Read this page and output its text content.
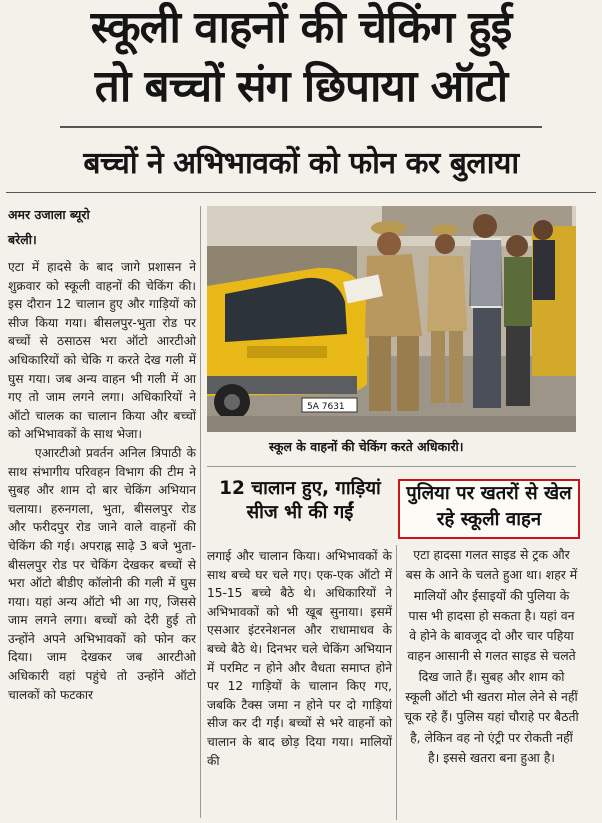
स्कूली वाहनों की चेकिंग हुई
तो बच्चों संग छिपाया ऑटो
बच्चों ने अभिभावकों को फोन कर बुलाया
अमर उजाला ब्यूरो
बरेली।

एटा में हादसे के बाद जागे प्रशासन ने शुक्रवार को स्कूली वाहनों की चेकिंग की। इस दौरान 12 चालान हुए और गाड़ियों को सीज किया गया। बीसलपुर-भुता रोड पर बच्चों से ठसाठस भरा ऑटो आरटीओ अधिकारियों को चेकि ग करते देख गली में घुस गया। जब अन्य वाहन भी गली में आ गए तो जाम लगने लगा। अधिकारियों ने ऑटो चालक का चालान किया और बच्चों को अभिभावकों के साथ भेजा।

एआरटीओ प्रवर्तन अनिल त्रिपाठी के साथ संभागीय परिवहन विभाग की टीम ने सुबह और शाम दो बार चेकिंग अभियान चलाया। हरुनगला, भुता, बीसलपुर रोड और फरीदपुर रोड जाने वाले वाहनों की चेकिंग की गई। अपराह्न साढ़े 3 बजे भुता-बीसलपुर रोड पर चेकिंग देखकर बच्चों से भरा ऑटो बीडीए कॉलोनी की गली में घुस गया। यहां अन्य ऑटो भी आ गए, जिससे जाम लगने लगा। बच्चों को देरी हुई तो उन्होंने अपने अभिभावकों को फोन कर दिया। जाम देखकर जब आरटीओ अधिकारी वहां पहुंचे तो उन्होंने ऑटो चालकों को फटकार

5A 7631
स्कूल के वाहनों की चेकिंग करते अधिकारी।
12 चालान हुए, गाड़ियां सीज भी की गईं
पुलिया पर खतरों से खेल रहे स्कूली वाहन

लगाई और चालान किया। अभिभावकों के साथ बच्चे घर चले गए। एक-एक ऑटो में 15-15 बच्चे बैठे थे। अधिकारियों ने अभिभावकों को भी खूब सुनाया। इसमें एसआर इंटरनेशनल और राधामाधव के बच्चे बैठे थे। दिनभर चले चेकिंग अभियान में परमिट न होने और वैधता समाप्त होने पर 12 गाड़ियों के चालान किए गए, जबकि टैक्स जमा न होने पर दो गाड़ियां सीज कर दी गईं। बच्चों से भरे वाहनों को चालान के बाद छोड़ दिया गया। मालियों की

एटा हादसा गलत साइड से ट्रक और बस के आने के चलते हुआ था। शहर में मालियों और ईसाइयों की पुलिया के पास भी हादसा हो सकता है। यहां वन वे होने के बावजूद दो और चार पहिया वाहन आसानी से गलत साइड से चलते दिख जाते हैं। सुबह और शाम को स्कूली ऑटो भी खतरा मोल लेने से नहीं चूक रहे हैं। पुलिस यहां चौराहे पर बैठती है, लेकिन वह नो एंट्री पर रोकती नहीं है। इससे खतरा बना हुआ है।
